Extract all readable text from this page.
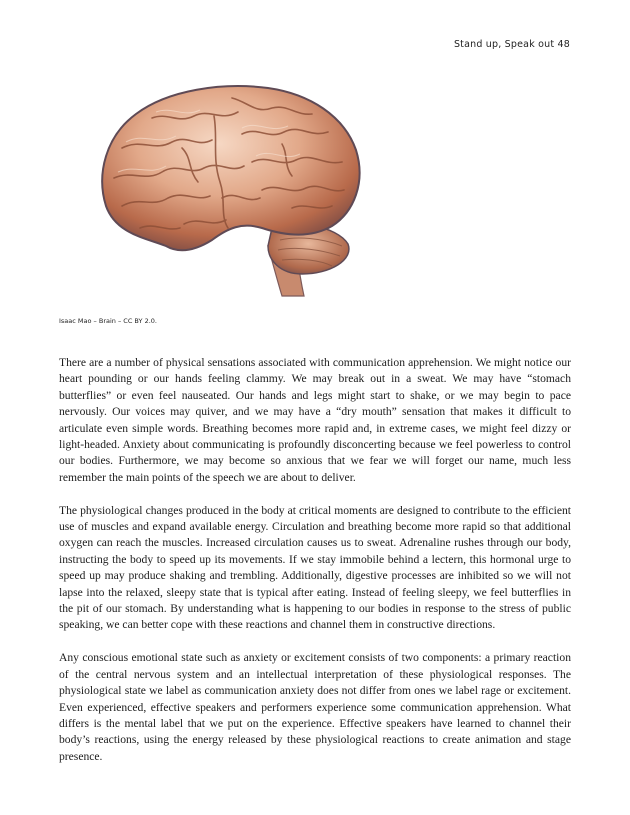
Stand up, Speak out 48
Isaac Mao – Brain – CC BY 2.0.

There are a number of physical sensations associated with communication apprehension. We might notice our heart pounding or our hands feeling clammy. We may break out in a sweat. We may have “stomach butterflies” or even feel nauseated. Our hands and legs might start to shake, or we may begin to pace nervously. Our voices may quiver, and we may have a “dry mouth” sensation that makes it difficult to articulate even simple words. Breathing becomes more rapid and, in extreme cases, we might feel dizzy or light-headed. Anxiety about communicating is profoundly disconcerting because we feel powerless to control our bodies. Furthermore, we may become so anxious that we fear we will forget our name, much less remember the main points of the speech we are about to deliver.

The physiological changes produced in the body at critical moments are designed to contribute to the efficient use of muscles and expand available energy. Circulation and breathing become more rapid so that additional oxygen can reach the muscles. Increased circulation causes us to sweat. Adrenaline rushes through our body, instructing the body to speed up its movements. If we stay immobile behind a lectern, this hormonal urge to speed up may produce shaking and trembling. Additionally, digestive processes are inhibited so we will not lapse into the relaxed, sleepy state that is typical after eating. Instead of feeling sleepy, we feel butterflies in the pit of our stomach. By understanding what is happening to our bodies in response to the stress of public speaking, we can better cope with these reactions and channel them in constructive directions.

Any conscious emotional state such as anxiety or excitement consists of two components: a primary reaction of the central nervous system and an intellectual interpretation of these physiological responses. The physiological state we label as communication anxiety does not differ from ones we label rage or excitement. Even experienced, effective speakers and performers experience some communication apprehension. What differs is the mental label that we put on the experience. Effective speakers have learned to channel their body’s reactions, using the energy released by these physiological reactions to create animation and stage presence.
